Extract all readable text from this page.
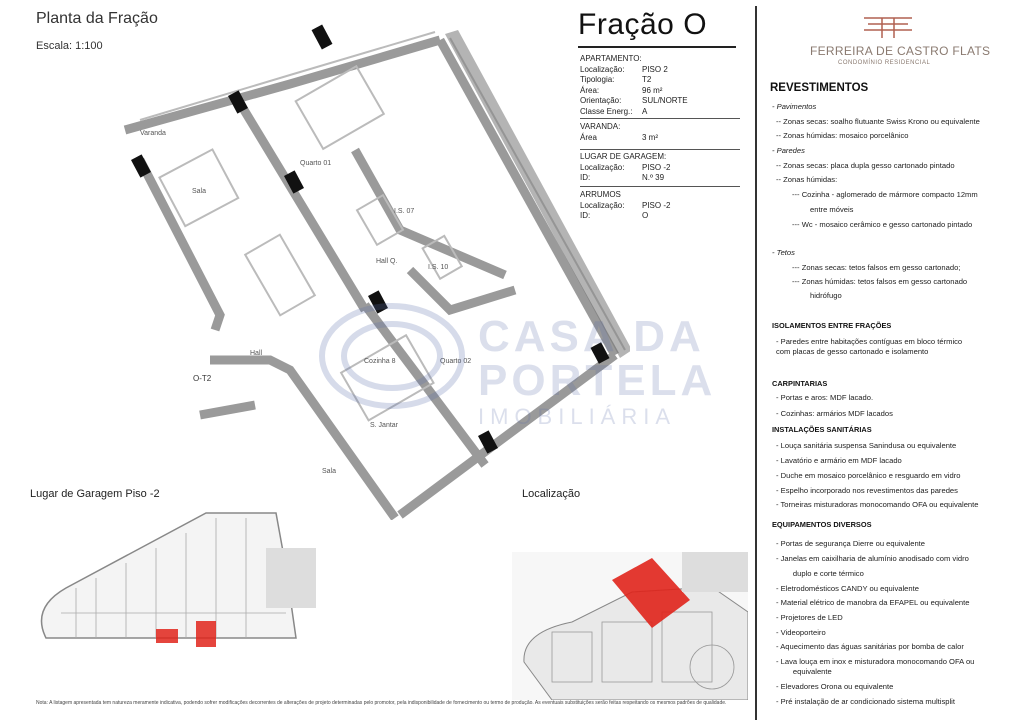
Planta da Fração
Escala: 1:100
Varanda
Sala
Quarto 01
I.S. 07
Hall Q.
I.S. 10
Hall
Cozinha 8	Quarto 02
S. Jantar
Sala
O-T2
CASA DA
PORTELA
IMOBILIÁRIA
Fração O
APARTAMENTO:
Localização:	PISO 2
Tipologia:	T2
Área:	96 m²
Orientação:	SUL/NORTE
Classe Energ.:	A
VARANDA:
Área	3 m²
LUGAR DE GARAGEM:
Localização:	PISO -2
ID:	N.º 39
ARRUMOS
Localização:	PISO -2
ID:	O
FERREIRA DE CASTRO FLATS
CONDOMÍNIO RESIDENCIAL
REVESTIMENTOS
- Pavimentos
-- Zonas secas: soalho flutuante Swiss Krono ou equivalente
-- Zonas húmidas: mosaico porcelânico
- Paredes
-- Zonas secas: placa dupla gesso cartonado pintado
-- Zonas húmidas:
--- Cozinha - aglomerado de mármore compacto 12mm
entre móveis
--- Wc - mosaico cerâmico e gesso cartonado pintado
- Tetos
--- Zonas secas: tetos falsos em gesso cartonado;
--- Zonas húmidas: tetos falsos em gesso cartonado
hidrófugo
ISOLAMENTOS ENTRE FRAÇÕES
- Paredes entre habitações contíguas em bloco térmico
com placas de gesso cartonado e isolamento
CARPINTARIAS
- Portas e aros: MDF lacado.
- Cozinhas: armários MDF lacados
INSTALAÇÕES SANITÁRIAS
- Louça sanitária suspensa Sanindusa ou equivalente
- Lavatório e armário em MDF lacado
- Duche em mosaico porcelânico e resguardo em vidro
- Espelho incorporado nos revestimentos das paredes
- Torneiras misturadoras monocomando OFA ou equivalente
EQUIPAMENTOS DIVERSOS
- Portas de segurança Dierre ou equivalente
- Janelas em caixilharia de alumínio anodisado com vidro
duplo e corte térmico
- Eletrodomésticos CANDY ou equivalente
- Material elétrico de manobra da EFAPEL ou equivalente
- Projetores de LED
- Videoporteiro
- Aquecimento das águas sanitárias por bomba de calor
- Lava louça em inox e misturadora monocomando OFA ou
equivalente
- Elevadores Orona ou equivalente
- Pré instalação de ar condicionado sistema multisplit
Lugar de Garagem Piso -2	Localização
Nota: A listagem apresentada tem natureza meramente indicativa, podendo sofrer modificações decorrentes de alterações de projeto determinadas pelo promotor, pela indisponibilidade de fornecimento ou termo de produção. As eventuais substituições serão feitas respeitando os mesmos padrões de qualidade.
